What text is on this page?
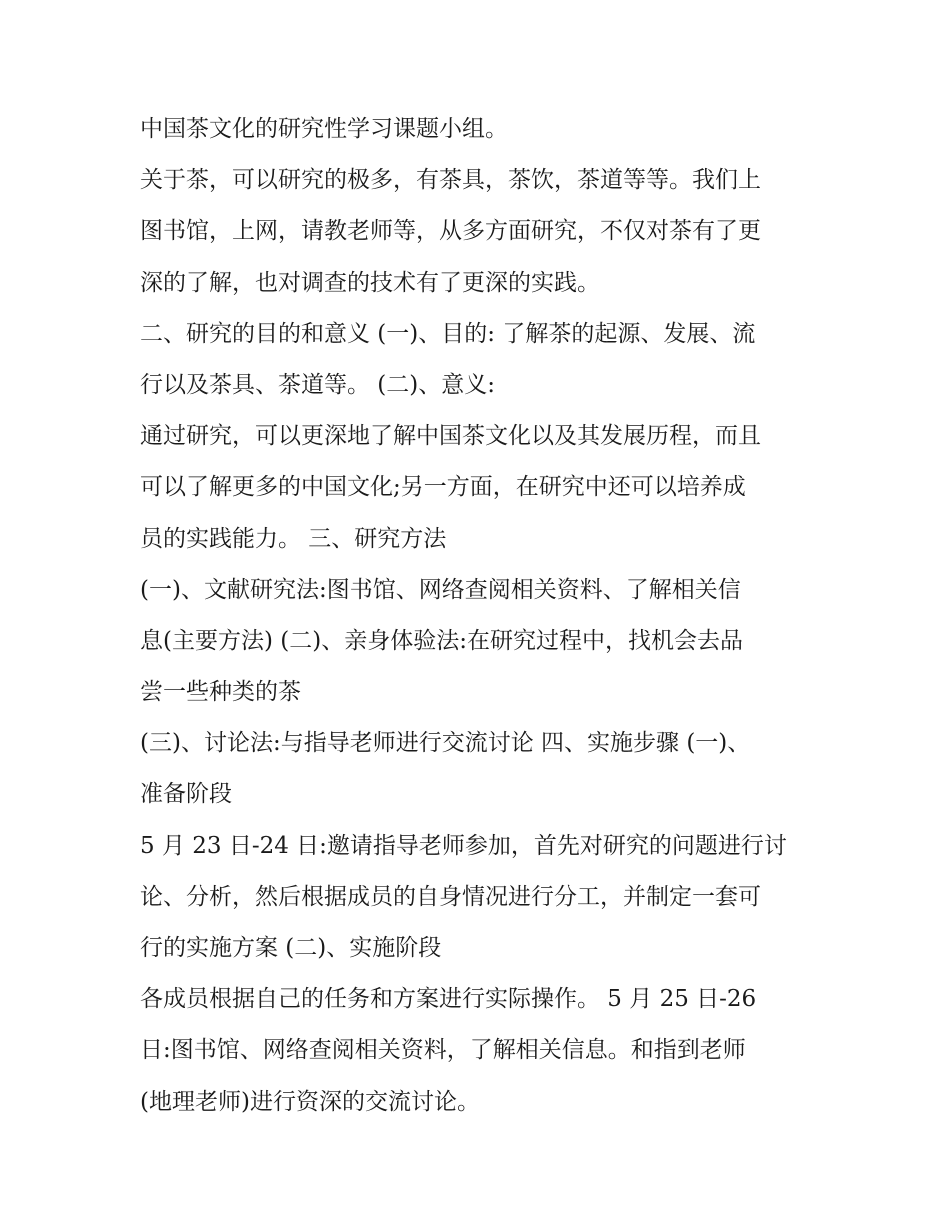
中国茶文化的研究性学习课题小组。
关于茶，可以研究的极多，有茶具，茶饮，茶道等等。我们上
图书馆，上网，请教老师等，从多方面研究，不仅对茶有了更
深的了解，也对调查的技术有了更深的实践。
二、研究的目的和意义 (一)、目的: 了解茶的起源、发展、流
行以及茶具、茶道等。 (二)、意义:
通过研究，可以更深地了解中国茶文化以及其发展历程，而且
可以了解更多的中国文化;另一方面，在研究中还可以培养成
员的实践能力。 三、研究方法
(一)、文献研究法:图书馆、网络查阅相关资料、了解相关信
息(主要方法) (二)、亲身体验法:在研究过程中，找机会去品
尝一些种类的茶
(三)、讨论法:与指导老师进行交流讨论 四、实施步骤 (一)、
准备阶段
5 月 23 日-24 日:邀请指导老师参加，首先对研究的问题进行讨
论、分析，然后根据成员的自身情况进行分工，并制定一套可
行的实施方案 (二)、实施阶段
各成员根据自己的任务和方案进行实际操作。 5 月 25 日-26
日:图书馆、网络查阅相关资料，了解相关信息。和指到老师
(地理老师)进行资深的交流讨论。
